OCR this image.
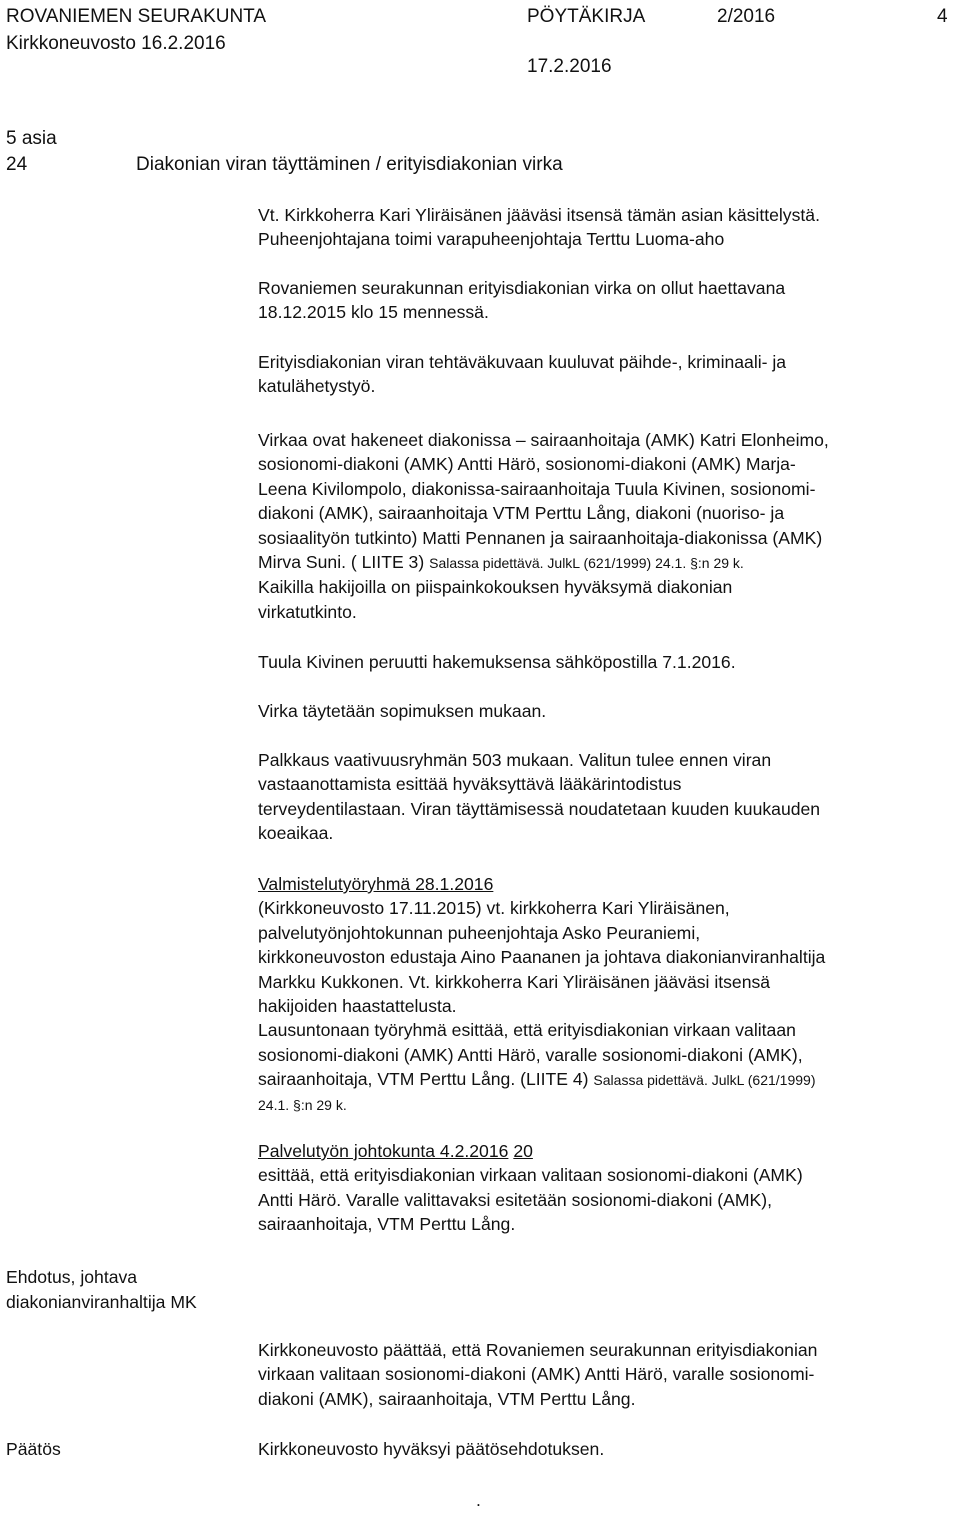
ROVANIEMEN SEURAKUNTA	PÖYTÄKIRJA	2/2016	4
Kirkkoneuvosto 16.2.2016
17.2.2016
5 asia
24	Diakonian viran täyttäminen / erityisdiakonian virka
Vt. Kirkkoherra Kari Yliräisänen jääväsi itsensä tämän asian käsittelystä.
Puheenjohtajana toimi varapuheenjohtaja Terttu Luoma-aho
Rovaniemen seurakunnan erityisdiakonian virka on ollut haettavana
18.12.2015 klo 15 mennessä.
Erityisdiakonian viran tehtäväkuvaan kuuluvat päihde-, kriminaali- ja
katulähetystyö.
Virkaa ovat hakeneet diakonissa – sairaanhoitaja (AMK) Katri Elonheimo,
sosionomi-diakoni (AMK) Antti Härö, sosionomi-diakoni (AMK) Marja-
Leena Kivilompolo, diakonissa-sairaanhoitaja Tuula Kivinen, sosionomi-
diakoni (AMK), sairaanhoitaja VTM Perttu Lång, diakoni (nuoriso- ja
sosiaalityön tutkinto) Matti Pennanen ja sairaanhoitaja-diakonissa (AMK)
Mirva Suni. ( LIITE 3) Salassa pidettävä. JulkL (621/1999) 24.1. §:n 29 k.
Kaikilla hakijoilla on piispainkokouksen hyväksymä diakonian
virkatutkinto.
Tuula Kivinen peruutti hakemuksensa sähköpostilla 7.1.2016.
Virka täytetään sopimuksen mukaan.
Palkkaus vaativuusryhmän 503 mukaan. Valitun tulee ennen viran
vastaanottamista esittää hyväksyttävä lääkärintodistus
terveydentilastaan. Viran täyttämisessä noudatetaan kuuden kuukauden
koeaikaa.
Valmistelutyöryhmä 28.1.2016
(Kirkkoneuvosto 17.11.2015) vt. kirkkoherra Kari Yliräisänen,
palvelutyönjohtokunnan puheenjohtaja Asko Peuraniemi,
kirkkoneuvoston edustaja Aino Paananen ja johtava diakonianviranhaltija
Markku Kukkonen. Vt. kirkkoherra Kari Yliräisänen jääväsi itsensä
hakijoiden haastattelusta.
Lausuntonaan työryhmä esittää, että erityisdiakonian virkaan valitaan
sosionomi-diakoni (AMK) Antti Härö, varalle sosionomi-diakoni (AMK),
sairaanhoitaja, VTM Perttu Lång. (LIITE 4) Salassa pidettävä. JulkL (621/1999)
24.1. §:n 29 k.
Palvelutyön johtokunta 4.2.2016 20
esittää, että erityisdiakonian virkaan valitaan sosionomi-diakoni (AMK)
Antti Härö. Varalle valittavaksi esitetään sosionomi-diakoni (AMK),
sairaanhoitaja, VTM Perttu Lång.
Ehdotus, johtava
diakonianviranhaltija MK
Kirkkoneuvosto päättää, että Rovaniemen seurakunnan erityisdiakonian
virkaan valitaan sosionomi-diakoni (AMK) Antti Härö, varalle sosionomi-
diakoni (AMK), sairaanhoitaja, VTM Perttu Lång.
Päätös	Kirkkoneuvosto hyväksyi päätösehdotuksen.
.
